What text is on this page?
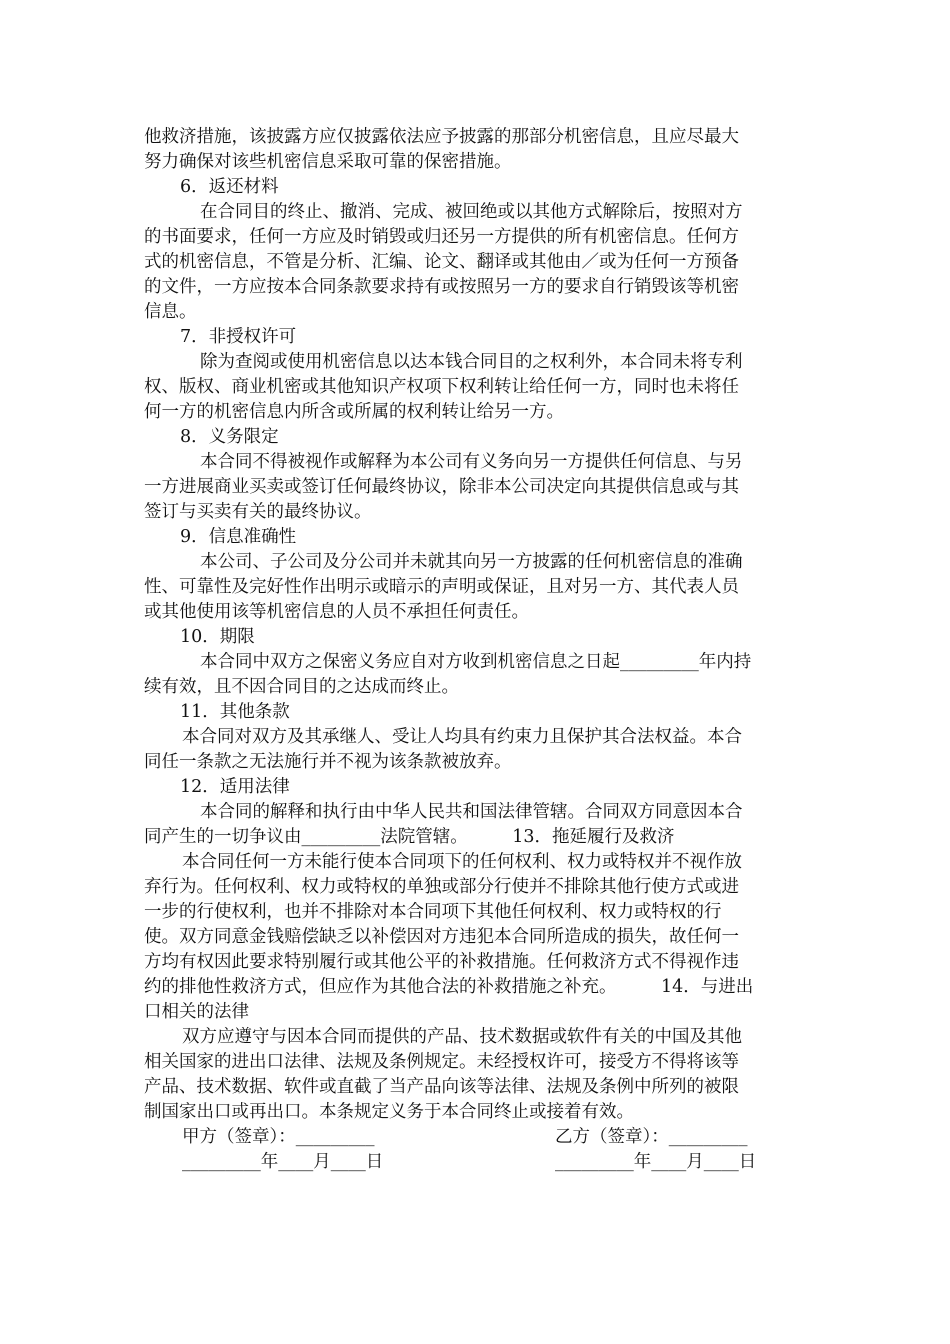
他救济措施，该披露方应仅披露依法应予披露的那部分机密信息，且应尽最大
努力确保对该些机密信息采取可靠的保密措施。
6．返还材料
在合同目的终止、撤消、完成、被回绝或以其他方式解除后，按照对方
的书面要求，任何一方应及时销毁或归还另一方提供的所有机密信息。任何方
式的机密信息，不管是分析、汇编、论文、翻译或其他由／或为任何一方预备
的文件，一方应按本合同条款要求持有或按照另一方的要求自行销毁该等机密
信息。
7．非授权许可
除为查阅或使用机密信息以达本钱合同目的之权利外，本合同未将专利
权、版权、商业机密或其他知识产权项下权利转让给任何一方，同时也未将任
何一方的机密信息内所含或所属的权利转让给另一方。
8．义务限定
本合同不得被视作或解释为本公司有义务向另一方提供任何信息、与另
一方进展商业买卖或签订任何最终协议，除非本公司决定向其提供信息或与其
签订与买卖有关的最终协议。
9．信息准确性
本公司、子公司及分公司并未就其向另一方披露的任何机密信息的准确
性、可靠性及完好性作出明示或暗示的声明或保证，且对另一方、其代表人员
或其他使用该等机密信息的人员不承担任何责任。
10．期限
本合同中双方之保密义务应自对方收到机密信息之日起_________年内持
续有效，且不因合同目的之达成而终止。
11．其他条款
本合同对双方及其承继人、受让人均具有约束力且保护其合法权益。本合
同任一条款之无法施行并不视为该条款被放弃。
12．适用法律
本合同的解释和执行由中华人民共和国法律管辖。合同双方同意因本合
同产生的一切争议由_________法院管辖。        13．拖延履行及救济
本合同任何一方未能行使本合同项下的任何权利、权力或特权并不视作放
弃行为。任何权利、权力或特权的单独或部分行使并不排除其他行使方式或进
一步的行使权利，也并不排除对本合同项下其他任何权利、权力或特权的行
使。双方同意金钱赔偿缺乏以补偿因对方违犯本合同所造成的损失，故任何一
方均有权因此要求特别履行或其他公平的补救措施。任何救济方式不得视作违
约的排他性救济方式，但应作为其他合法的补救措施之补充。        14．与进出
口相关的法律
双方应遵守与因本合同而提供的产品、技术数据或软件有关的中国及其他
相关国家的进出口法律、法规及条例规定。未经授权许可，接受方不得将该等
产品、技术数据、软件或直截了当产品向该等法律、法规及条例中所列的被限
制国家出口或再出口。本条规定义务于本合同终止或接着有效。
甲方（签章）：_________	乙方（签章）：_________
_________年____月____日	_________年____月____日
